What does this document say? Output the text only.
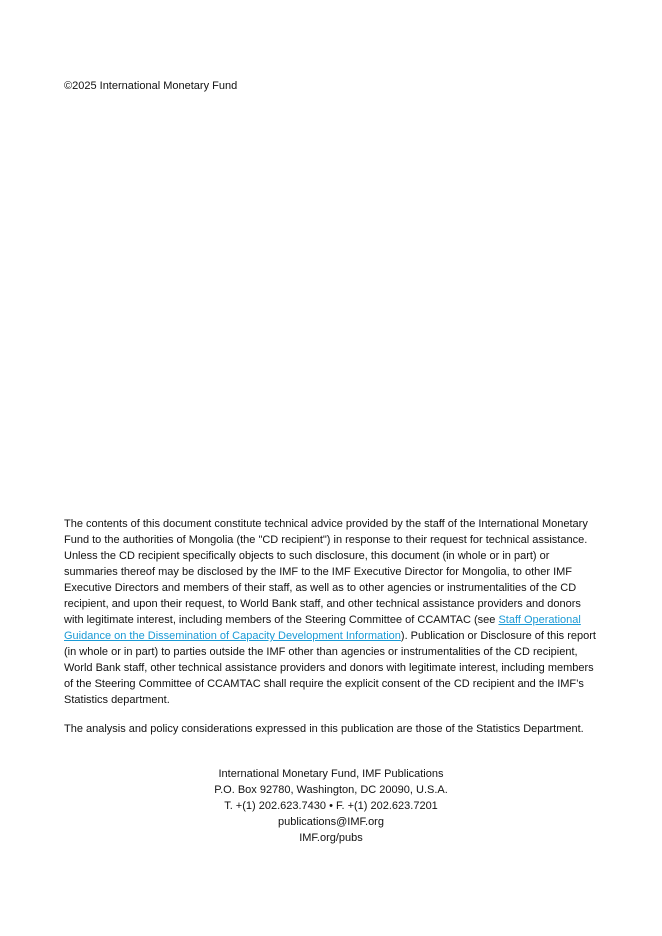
©2025 International Monetary Fund

The contents of this document constitute technical advice provided by the staff of the International Monetary Fund to the authorities of Mongolia (the "CD recipient") in response to their request for technical assistance. Unless the CD recipient specifically objects to such disclosure, this document (in whole or in part) or summaries thereof may be disclosed by the IMF to the IMF Executive Director for Mongolia, to other IMF Executive Directors and members of their staff, as well as to other agencies or instrumentalities of the CD recipient, and upon their request, to World Bank staff, and other technical assistance providers and donors with legitimate interest, including members of the Steering Committee of CCAMTAC (see Staff Operational Guidance on the Dissemination of Capacity Development Information). Publication or Disclosure of this report (in whole or in part) to parties outside the IMF other than agencies or instrumentalities of the CD recipient, World Bank staff, other technical assistance providers and donors with legitimate interest, including members of the Steering Committee of CCAMTAC shall require the explicit consent of the CD recipient and the IMF’s Statistics department.

The analysis and policy considerations expressed in this publication are those of the Statistics Department.
International Monetary Fund, IMF Publications
P.O. Box 92780, Washington, DC 20090, U.S.A.
T. +(1) 202.623.7430 • F. +(1) 202.623.7201
publications@IMF.org
IMF.org/pubs
